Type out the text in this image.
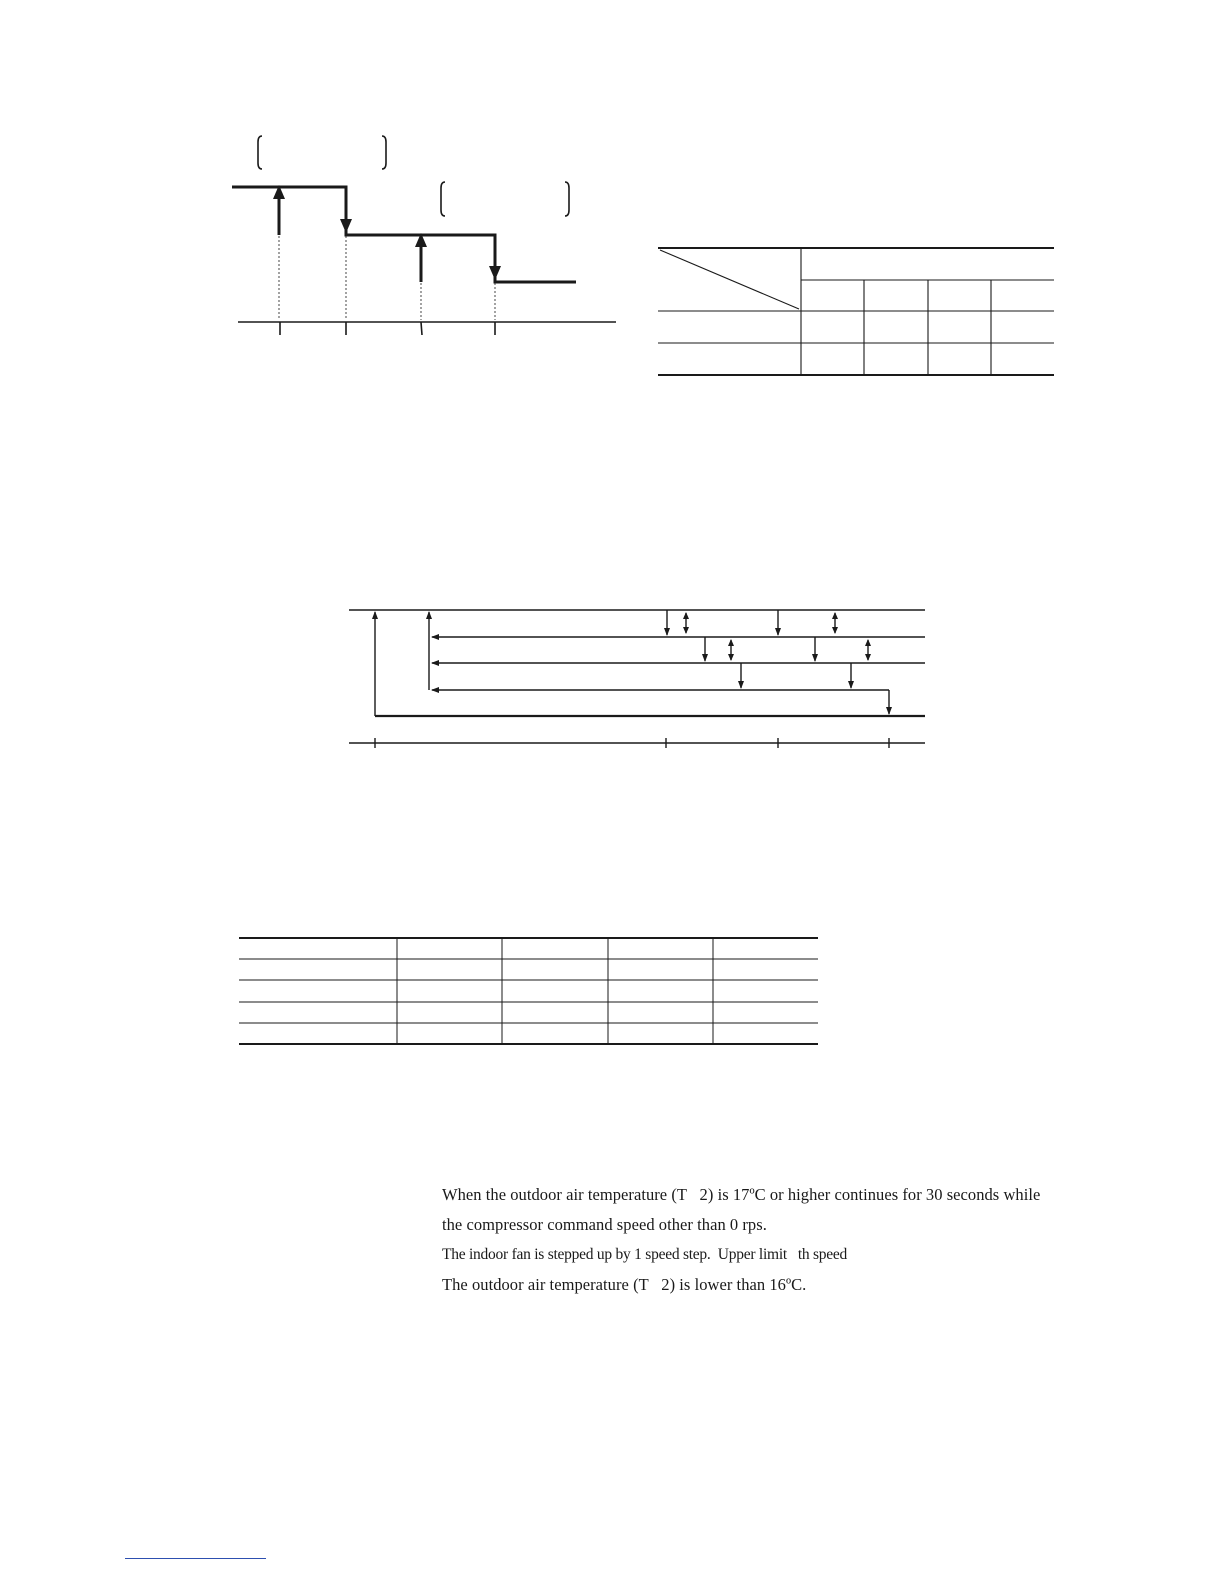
When the outdoor air temperature (T   2) is 17ºC or higher continues for 30 seconds while
the compressor command speed other than 0 rps.
The indoor fan is stepped up by 1 speed step.  Upper limit   th speed
The outdoor air temperature (T   2) is lower than 16ºC.
